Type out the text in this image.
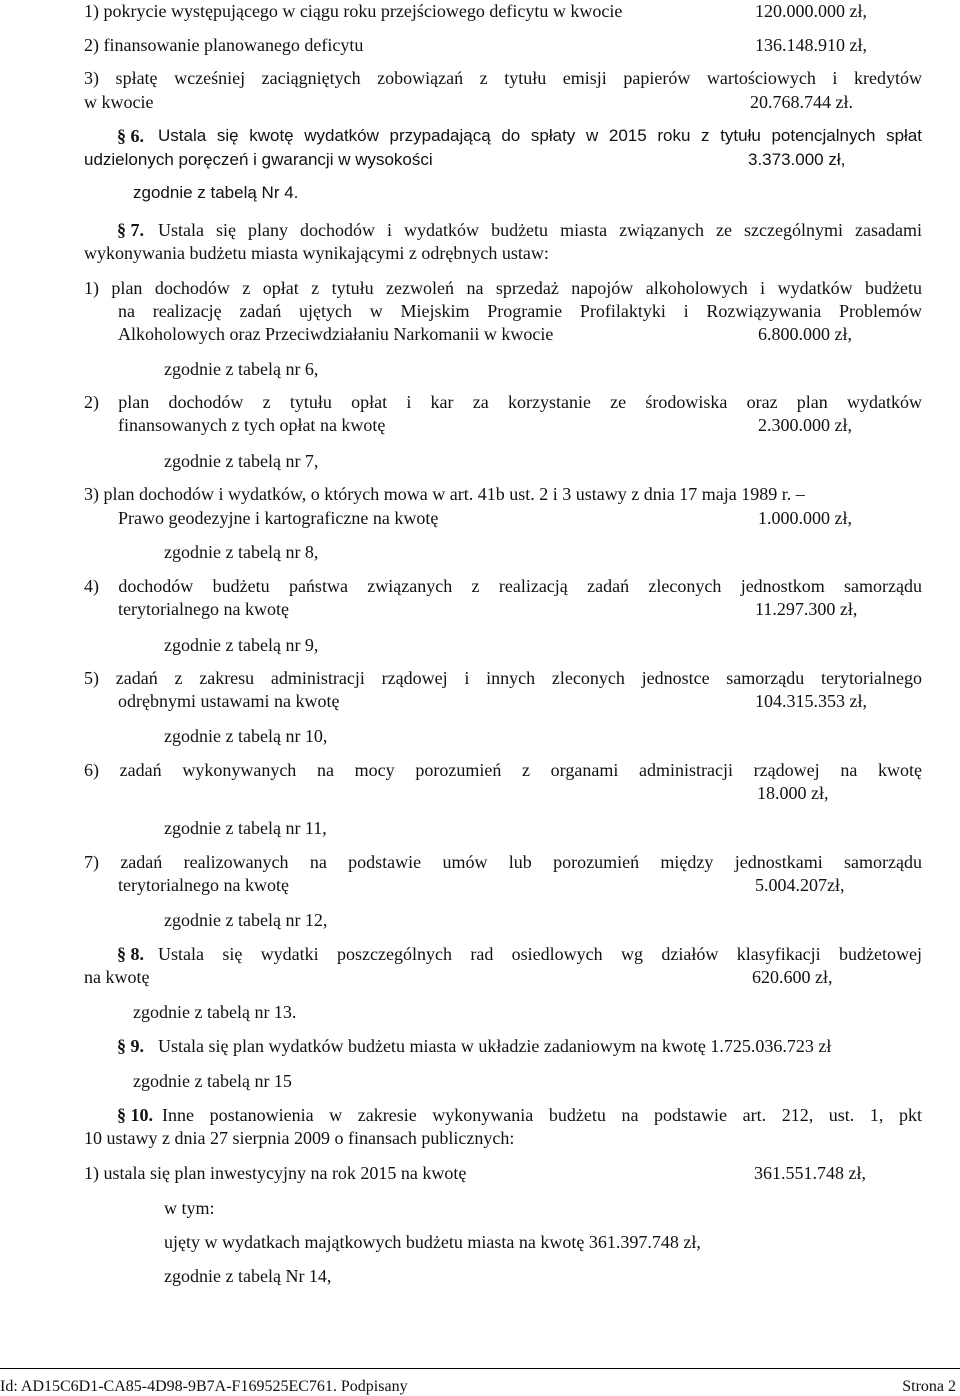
1) pokrycie występującego w ciągu roku przejściowego deficytu w kwocie	120.000.000 zł,
2) finansowanie planowanego deficytu	136.148.910 zł,
3) spłatę wcześniej zaciągniętych zobowiązań z tytułu emisji papierów wartościowych i kredytów
w kwocie	20.768.744 zł.
§ 6. Ustala się kwotę wydatków przypadającą do spłaty w 2015 roku z tytułu potencjalnych spłat
udzielonych poręczeń i gwarancji w wysokości	3.373.000 zł,
zgodnie z tabelą Nr 4.
§ 7. Ustala się plany dochodów i wydatków budżetu miasta związanych ze szczególnymi zasadami
wykonywania budżetu miasta wynikającymi z odrębnych ustaw:
1) plan dochodów z opłat z tytułu zezwoleń na sprzedaż napojów alkoholowych i wydatków budżetu
na realizację zadań ujętych w Miejskim Programie Profilaktyki i Rozwiązywania Problemów
Alkoholowych oraz Przeciwdziałaniu Narkomanii w kwocie	6.800.000 zł,
zgodnie z tabelą nr 6,
2) plan dochodów z tytułu opłat i kar za korzystanie ze środowiska oraz plan wydatków
finansowanych z tych opłat na kwotę	2.300.000 zł,
zgodnie z tabelą nr 7,
3) plan dochodów i wydatków, o których mowa w art. 41b ust. 2 i 3 ustawy z dnia 17 maja 1989 r. –
Prawo geodezyjne i kartograficzne na kwotę	1.000.000 zł,
zgodnie z tabelą nr 8,
4) dochodów budżetu państwa związanych z realizacją zadań zleconych jednostkom samorządu
terytorialnego na kwotę	11.297.300 zł,
zgodnie z tabelą nr 9,
5) zadań z zakresu administracji rządowej i innych zleconych jednostce samorządu terytorialnego
odrębnymi ustawami na kwotę	104.315.353 zł,
zgodnie z tabelą nr 10,
6) zadań wykonywanych na mocy porozumień z organami administracji rządowej na kwotę
18.000 zł,
zgodnie z tabelą nr 11,
7) zadań realizowanych na podstawie umów lub porozumień między jednostkami samorządu
terytorialnego na kwotę	5.004.207zł,
zgodnie z tabelą nr 12,
§ 8. Ustala się wydatki poszczególnych rad osiedlowych wg działów klasyfikacji budżetowej
na kwotę	620.600 zł,
zgodnie z tabelą nr 13.
§ 9. Ustala się plan wydatków budżetu miasta w układzie zadaniowym na kwotę 1.725.036.723 zł
zgodnie z tabelą nr 15
§ 10. Inne postanowienia w zakresie wykonywania budżetu na podstawie art. 212, ust. 1, pkt
10 ustawy z dnia 27 sierpnia 2009 o finansach publicznych:
1) ustala się plan inwestycyjny na rok 2015 na kwotę	361.551.748 zł,
w tym:
ujęty w wydatkach majątkowych budżetu miasta na kwotę 361.397.748 zł,
zgodnie z tabelą Nr 14,
Id: AD15C6D1-CA85-4D98-9B7A-F169525EC761. Podpisany	Strona 2
